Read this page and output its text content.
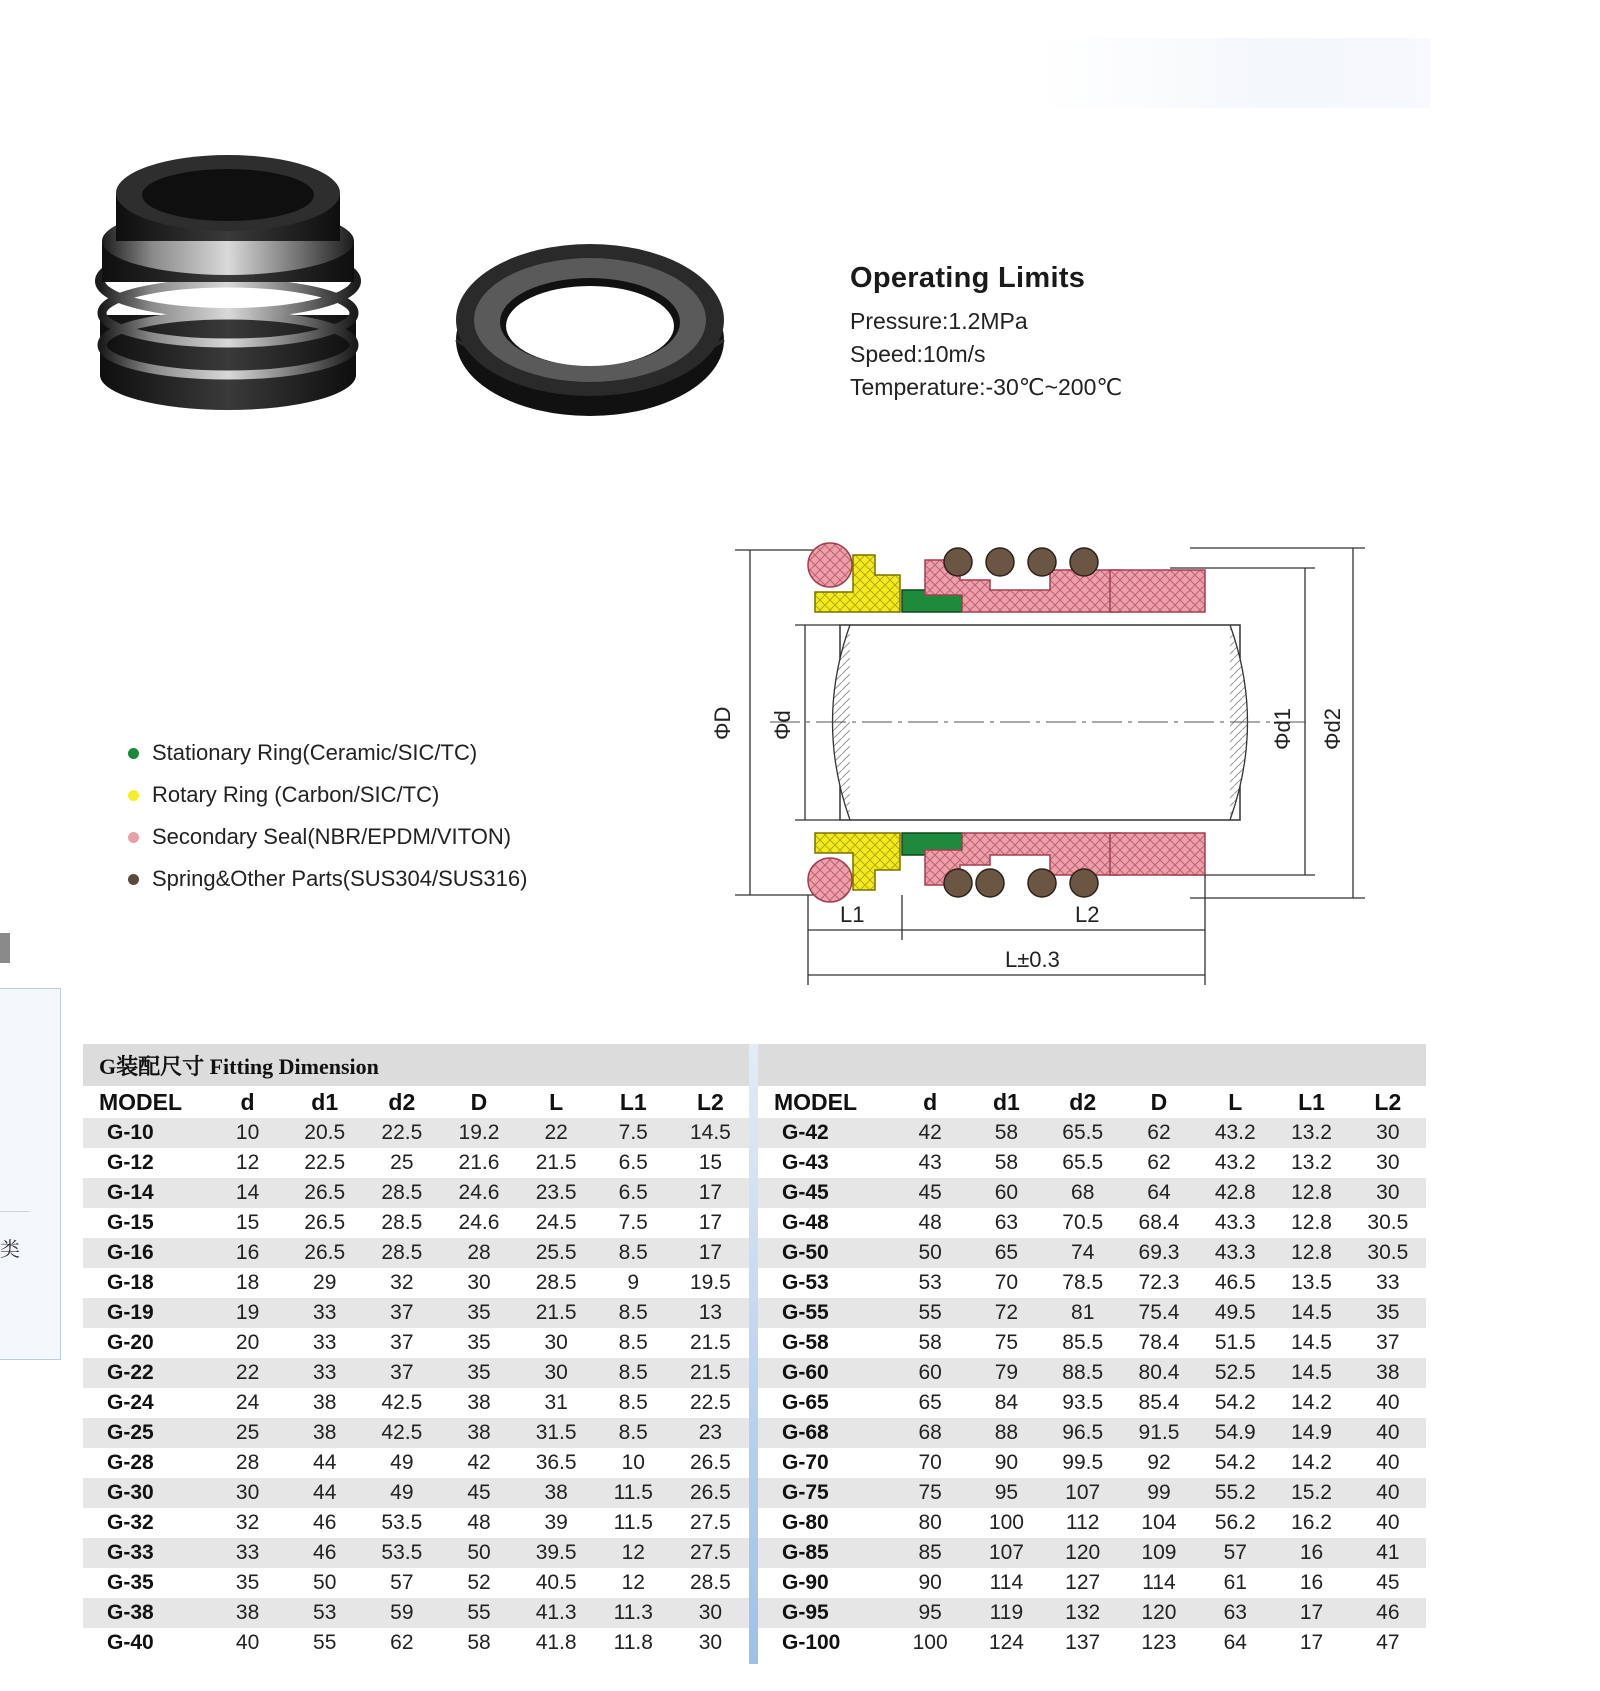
Operating Limits
Pressure:1.2MPa
Speed:10m/s
Temperature:-30℃~200℃
Stationary Ring(Ceramic/SIC/TC)
Rotary Ring (Carbon/SIC/TC)
Secondary Seal(NBR/EPDM/VITON)
Spring&Other Parts(SUS304/SUS316)
ΦD Φd	Φd1 Φd2
L1	L2
L±0.3
类
G装配尺寸 Fitting Dimension
MODEL	d	d1	d2	D	L	L1	L2
G-10	10	20.5	22.5	19.2	22	7.5	14.5
G-12	12	22.5	25	21.6	21.5	6.5	15
G-14	14	26.5	28.5	24.6	23.5	6.5	17
G-15	15	26.5	28.5	24.6	24.5	7.5	17
G-16	16	26.5	28.5	28	25.5	8.5	17
G-18	18	29	32	30	28.5	9	19.5
G-19	19	33	37	35	21.5	8.5	13
G-20	20	33	37	35	30	8.5	21.5
G-22	22	33	37	35	30	8.5	21.5
G-24	24	38	42.5	38	31	8.5	22.5
G-25	25	38	42.5	38	31.5	8.5	23
G-28	28	44	49	42	36.5	10	26.5
G-30	30	44	49	45	38	11.5	26.5
G-32	32	46	53.5	48	39	11.5	27.5
G-33	33	46	53.5	50	39.5	12	27.5
G-35	35	50	57	52	40.5	12	28.5
G-38	38	53	59	55	41.3	11.3	30
G-40	40	55	62	58	41.8	11.8	30
MODEL	d	d1	d2	D	L	L1	L2
G-42	42	58	65.5	62	43.2	13.2	30
G-43	43	58	65.5	62	43.2	13.2	30
G-45	45	60	68	64	42.8	12.8	30
G-48	48	63	70.5	68.4	43.3	12.8	30.5
G-50	50	65	74	69.3	43.3	12.8	30.5
G-53	53	70	78.5	72.3	46.5	13.5	33
G-55	55	72	81	75.4	49.5	14.5	35
G-58	58	75	85.5	78.4	51.5	14.5	37
G-60	60	79	88.5	80.4	52.5	14.5	38
G-65	65	84	93.5	85.4	54.2	14.2	40
G-68	68	88	96.5	91.5	54.9	14.9	40
G-70	70	90	99.5	92	54.2	14.2	40
G-75	75	95	107	99	55.2	15.2	40
G-80	80	100	112	104	56.2	16.2	40
G-85	85	107	120	109	57	16	41
G-90	90	114	127	114	61	16	45
G-95	95	119	132	120	63	17	46
G-100	100	124	137	123	64	17	47
